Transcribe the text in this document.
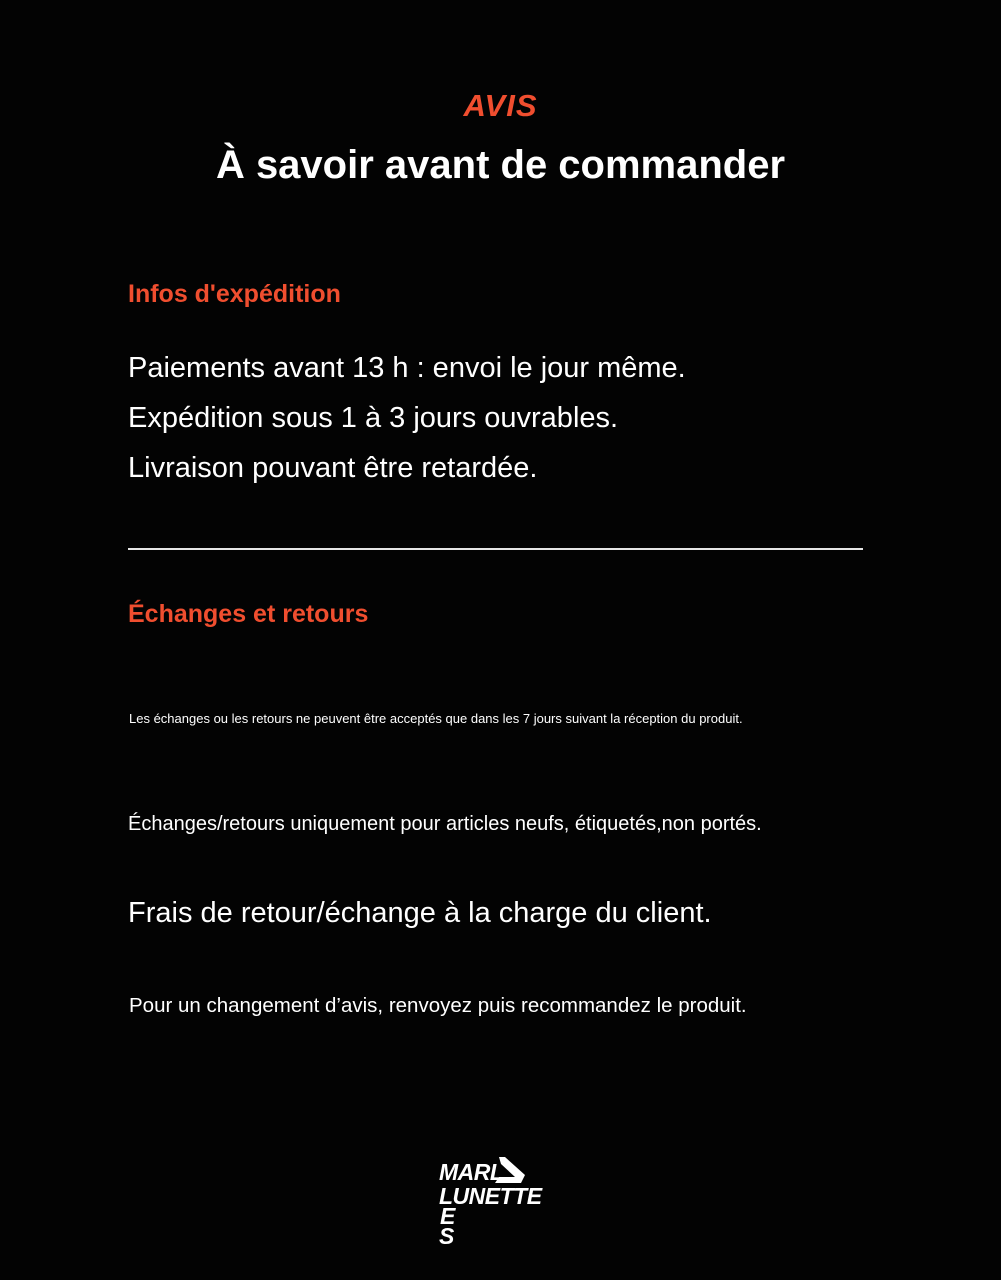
AVIS
À savoir avant de commander
Infos d'expédition
Paiements avant 13 h : envoi le jour même.
Expédition sous 1 à 3 jours ouvrables.
Livraison pouvant être retardée.
Échanges et retours
Les échanges ou les retours ne peuvent être acceptés que dans les 7 jours suivant la réception du produit.
Échanges/retours uniquement pour articles neufs, étiquetés,non portés.
Frais de retour/échange à la charge du client.
Pour un changement d’avis, renvoyez puis recommandez le produit.
MARL
LUNETTE
E
S
